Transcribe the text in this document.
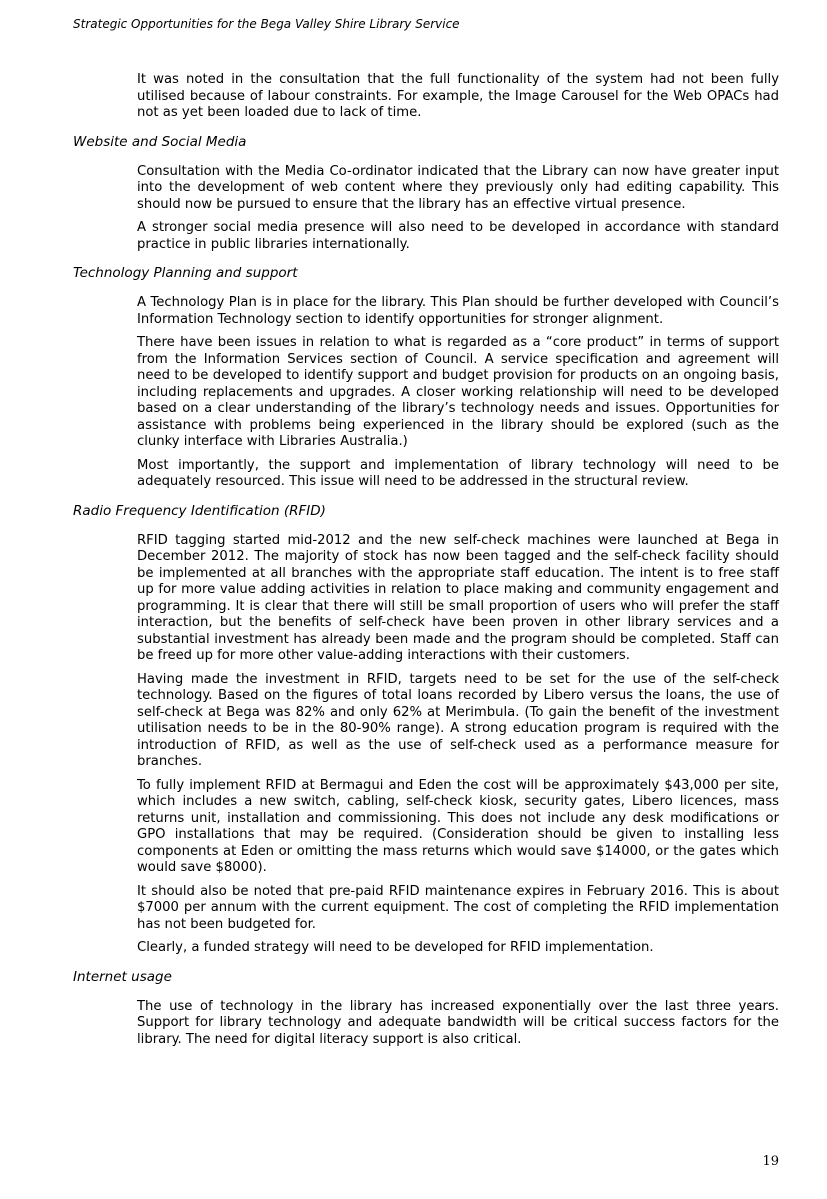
Strategic Opportunities for the Bega Valley Shire Library Service

It was noted in the consultation that the full functionality of the system had not been fully utilised because of labour constraints. For example, the Image Carousel for the Web OPACs had not as yet been loaded due to lack of time.

Website and Social Media

Consultation with the Media Co-ordinator indicated that the Library can now have greater input into the development of web content where they previously only had editing capability. This should now be pursued to ensure that the library has an effective virtual presence.

A stronger social media presence will also need to be developed in accordance with standard practice in public libraries internationally.

Technology Planning and support

A Technology Plan is in place for the library. This Plan should be further developed with Council’s Information Technology section to identify opportunities for stronger alignment.

There have been issues in relation to what is regarded as a “core product” in terms of support from the Information Services section of Council. A service specification and agreement will need to be developed to identify support and budget provision for products on an ongoing basis, including replacements and upgrades. A closer working relationship will need to be developed based on a clear understanding of the library’s technology needs and issues. Opportunities for assistance with problems being experienced in the library should be explored (such as the clunky interface with Libraries Australia.)

Most importantly, the support and implementation of library technology will need to be adequately resourced. This issue will need to be addressed in the structural review.

Radio Frequency Identification (RFID)

RFID tagging started mid-2012 and the new self-check machines were launched at Bega in December 2012. The majority of stock has now been tagged and the self-check facility should be implemented at all branches with the appropriate staff education. The intent is to free staff up for more value adding activities in relation to place making and community engagement and programming. It is clear that there will still be small proportion of users who will prefer the staff interaction, but the benefits of self-check have been proven in other library services and a substantial investment has already been made and the program should be completed. Staff can be freed up for more other value-adding interactions with their customers.

Having made the investment in RFID, targets need to be set for the use of the self-check technology. Based on the figures of total loans recorded by Libero versus the loans, the use of self-check at Bega was 82% and only 62% at Merimbula. (To gain the benefit of the investment utilisation needs to be in the 80-90% range). A strong education program is required with the introduction of RFID, as well as the use of self-check used as a performance measure for branches.

To fully implement RFID at Bermagui and Eden the cost will be approximately $43,000 per site, which includes a new switch, cabling, self-check kiosk, security gates, Libero licences, mass returns unit, installation and commissioning. This does not include any desk modifications or GPO installations that may be required. (Consideration should be given to installing less components at Eden or omitting the mass returns which would save $14000, or the gates which would save $8000).

It should also be noted that pre-paid RFID maintenance expires in February 2016. This is about $7000 per annum with the current equipment. The cost of completing the RFID implementation has not been budgeted for.

Clearly, a funded strategy will need to be developed for RFID implementation.

Internet usage

The use of technology in the library has increased exponentially over the last three years. Support for library technology and adequate bandwidth will be critical success factors for the library. The need for digital literacy support is also critical.

19
